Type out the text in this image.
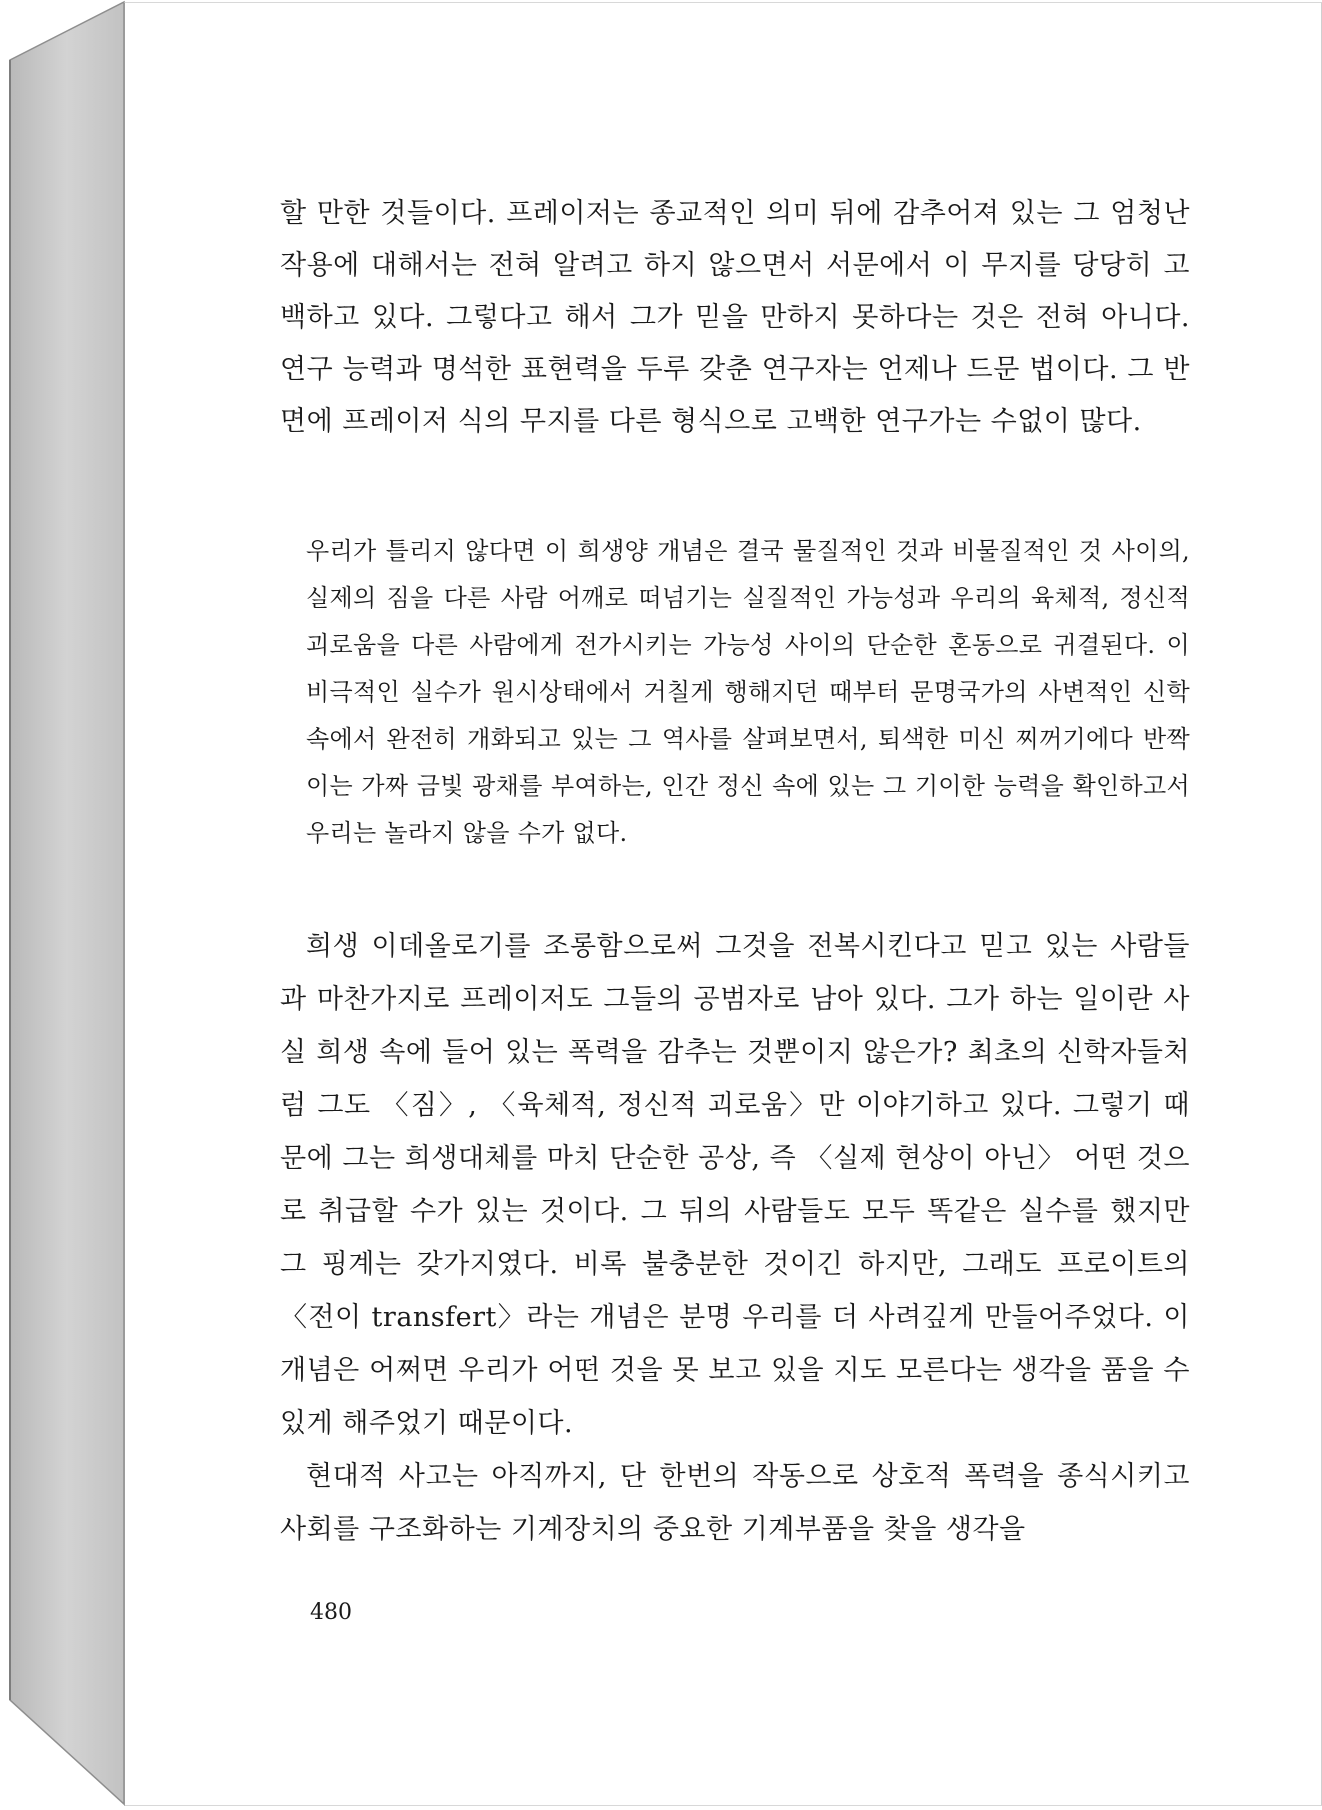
할 만한 것들이다. 프레이저는 종교적인 의미 뒤에 감추어져 있는 그 엄청난 작용에 대해서는 전혀 알려고 하지 않으면서 서문에서 이 무지를 당당히 고백하고 있다. 그렇다고 해서 그가 믿을 만하지 못하다는 것은 전혀 아니다. 연구 능력과 명석한 표현력을 두루 갖춘 연구자는 언제나 드문 법이다. 그 반면에 프레이저 식의 무지를 다른 형식으로 고백한 연구가는 수없이 많다.

우리가 틀리지 않다면 이 희생양 개념은 결국 물질적인 것과 비물질적인 것 사이의, 실제의 짐을 다른 사람 어깨로 떠넘기는 실질적인 가능성과 우리의 육체적, 정신적 괴로움을 다른 사람에게 전가시키는 가능성 사이의 단순한 혼동으로 귀결된다. 이 비극적인 실수가 원시상태에서 거칠게 행해지던 때부터 문명국가의 사변적인 신학 속에서 완전히 개화되고 있는 그 역사를 살펴보면서, 퇴색한 미신 찌꺼기에다 반짝이는 가짜 금빛 광채를 부여하는, 인간 정신 속에 있는 그 기이한 능력을 확인하고서 우리는 놀라지 않을 수가 없다.

희생 이데올로기를 조롱함으로써 그것을 전복시킨다고 믿고 있는 사람들과 마찬가지로 프레이저도 그들의 공범자로 남아 있다. 그가 하는 일이란 사실 희생 속에 들어 있는 폭력을 감추는 것뿐이지 않은가? 최초의 신학자들처럼 그도 〈짐〉, 〈육체적, 정신적 괴로움〉만 이야기하고 있다. 그렇기 때문에 그는 희생대체를 마치 단순한 공상, 즉 〈실제 현상이 아닌〉 어떤 것으로 취급할 수가 있는 것이다. 그 뒤의 사람들도 모두 똑같은 실수를 했지만 그 핑계는 갖가지였다. 비록 불충분한 것이긴 하지만, 그래도 프로이트의 〈전이 transfert〉라는 개념은 분명 우리를 더 사려깊게 만들어주었다. 이 개념은 어쩌면 우리가 어떤 것을 못 보고 있을 지도 모른다는 생각을 품을 수 있게 해주었기 때문이다.

현대적 사고는 아직까지, 단 한번의 작동으로 상호적 폭력을 종식시키고 사회를 구조화하는 기계장치의 중요한 기계부품을 찾을 생각을

480
